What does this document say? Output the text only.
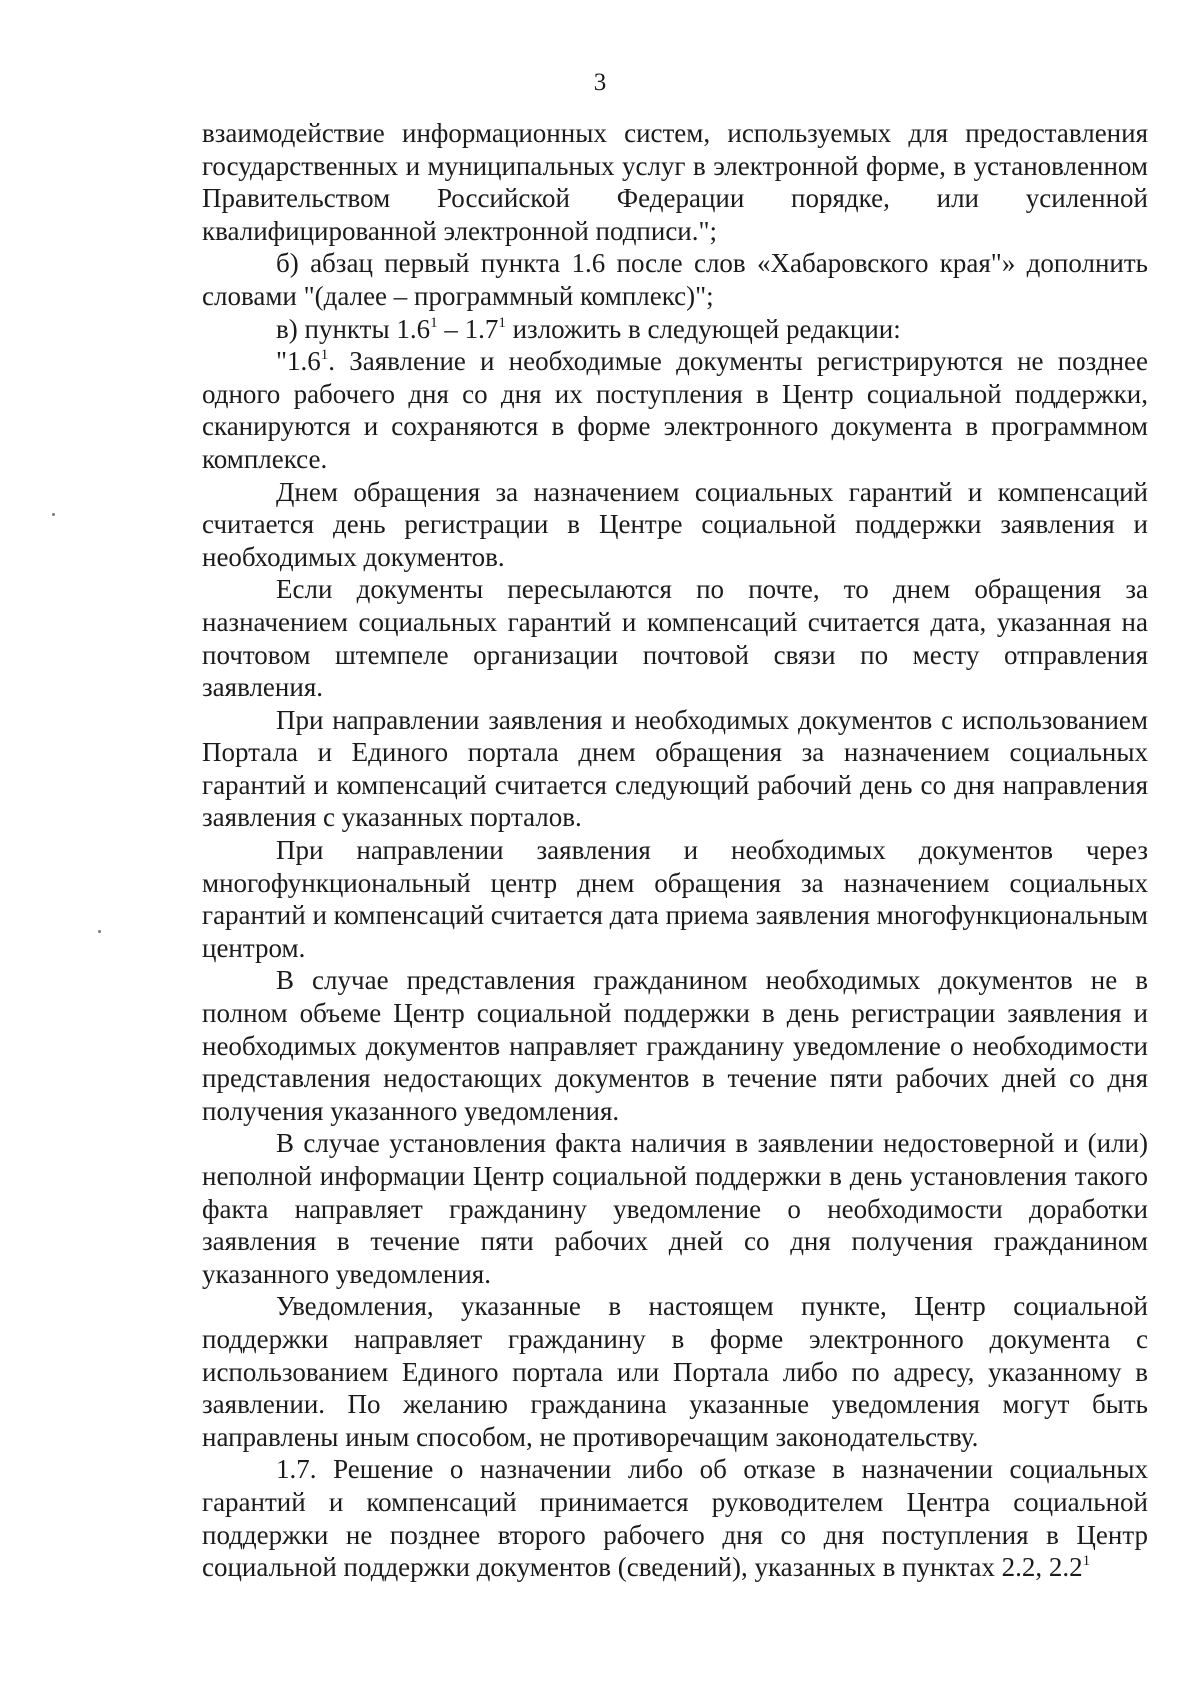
3

взаимодействие информационных систем, используемых для предоставления государственных и муниципальных услуг в электронной форме, в установленном Правительством Российской Федерации порядке, или усиленной квалифицированной электронной подписи.";

б) абзац первый пункта 1.6 после слов «Хабаровского края"» дополнить словами "(далее – программный комплекс)";

в) пункты $1.6^1 - 1.7^1$ изложить в следующей редакции:

"$1.6^1$. Заявление и необходимые документы регистрируются не позднее одного рабочего дня со дня их поступления в Центр социальной поддержки, сканируются и сохраняются в форме электронного документа в программном комплексе.

Днем обращения за назначением социальных гарантий и компенсаций считается день регистрации в Центре социальной поддержки заявления и необходимых документов.

Если документы пересылаются по почте, то днем обращения за назначением социальных гарантий и компенсаций считается дата, указанная на почтовом штемпеле организации почтовой связи по месту отправления заявления.

При направлении заявления и необходимых документов с использованием Портала и Единого портала днем обращения за назначением социальных гарантий и компенсаций считается следующий рабочий день со дня направления заявления с указанных порталов.

При направлении заявления и необходимых документов через многофункциональный центр днем обращения за назначением социальных гарантий и компенсаций считается дата приема заявления многофункциональным центром.

В случае представления гражданином необходимых документов не в полном объеме Центр социальной поддержки в день регистрации заявления и необходимых документов направляет гражданину уведомление о необходимости представления недостающих документов в течение пяти рабочих дней со дня получения указанного уведомления.

В случае установления факта наличия в заявлении недостоверной и (или) неполной информации Центр социальной поддержки в день установления такого факта направляет гражданину уведомление о необходимости доработки заявления в течение пяти рабочих дней со дня получения гражданином указанного уведомления.

Уведомления, указанные в настоящем пункте, Центр социальной поддержки направляет гражданину в форме электронного документа с использованием Единого портала или Портала либо по адресу, указанному в заявлении. По желанию гражданина указанные уведомления могут быть направлены иным способом, не противоречащим законодательству.

1.7. Решение о назначении либо об отказе в назначении социальных гарантий и компенсаций принимается руководителем Центра социальной поддержки не позднее второго рабочего дня со дня поступления в Центр социальной поддержки документов (сведений), указанных в пунктах 2.2, $2.2^1$
